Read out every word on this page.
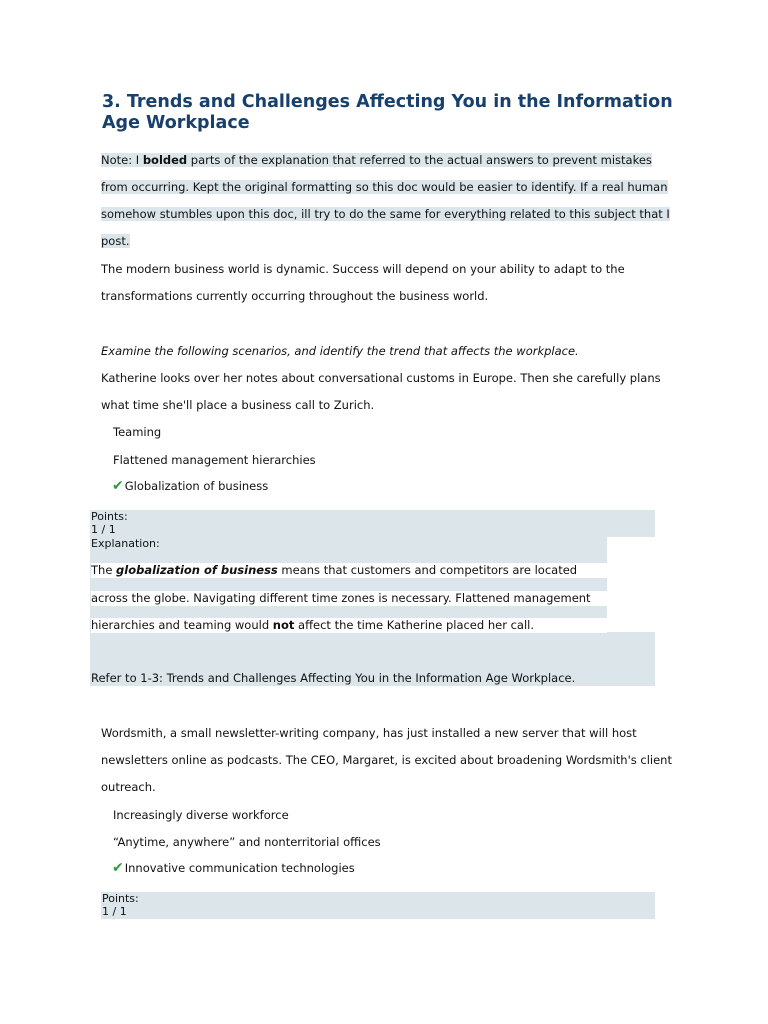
3. Trends and Challenges Affecting You in the Information Age Workplace
Note: I bolded parts of the explanation that referred to the actual answers to prevent mistakes
from occurring. Kept the original formatting so this doc would be easier to identify. If a real human
somehow stumbles upon this doc, ill try to do the same for everything related to this subject that I
post.
The modern business world is dynamic. Success will depend on your ability to adapt to the
transformations currently occurring throughout the business world.
Examine the following scenarios, and identify the trend that affects the workplace.
Katherine looks over her notes about conversational customs in Europe. Then she carefully plans
what time she'll place a business call to Zurich.
Teaming
Flattened management hierarchies
✔Globalization of business
Points:
1 / 1
Explanation:
The globalization of business means that customers and competitors are located
across the globe. Navigating different time zones is necessary. Flattened management
hierarchies and teaming would not affect the time Katherine placed her call.
Refer to 1-3: Trends and Challenges Affecting You in the Information Age Workplace.
Wordsmith, a small newsletter-writing company, has just installed a new server that will host
newsletters online as podcasts. The CEO, Margaret, is excited about broadening Wordsmith's client
outreach.
Increasingly diverse workforce
“Anytime, anywhere” and nonterritorial offices
✔Innovative communication technologies
Points:
1 / 1
